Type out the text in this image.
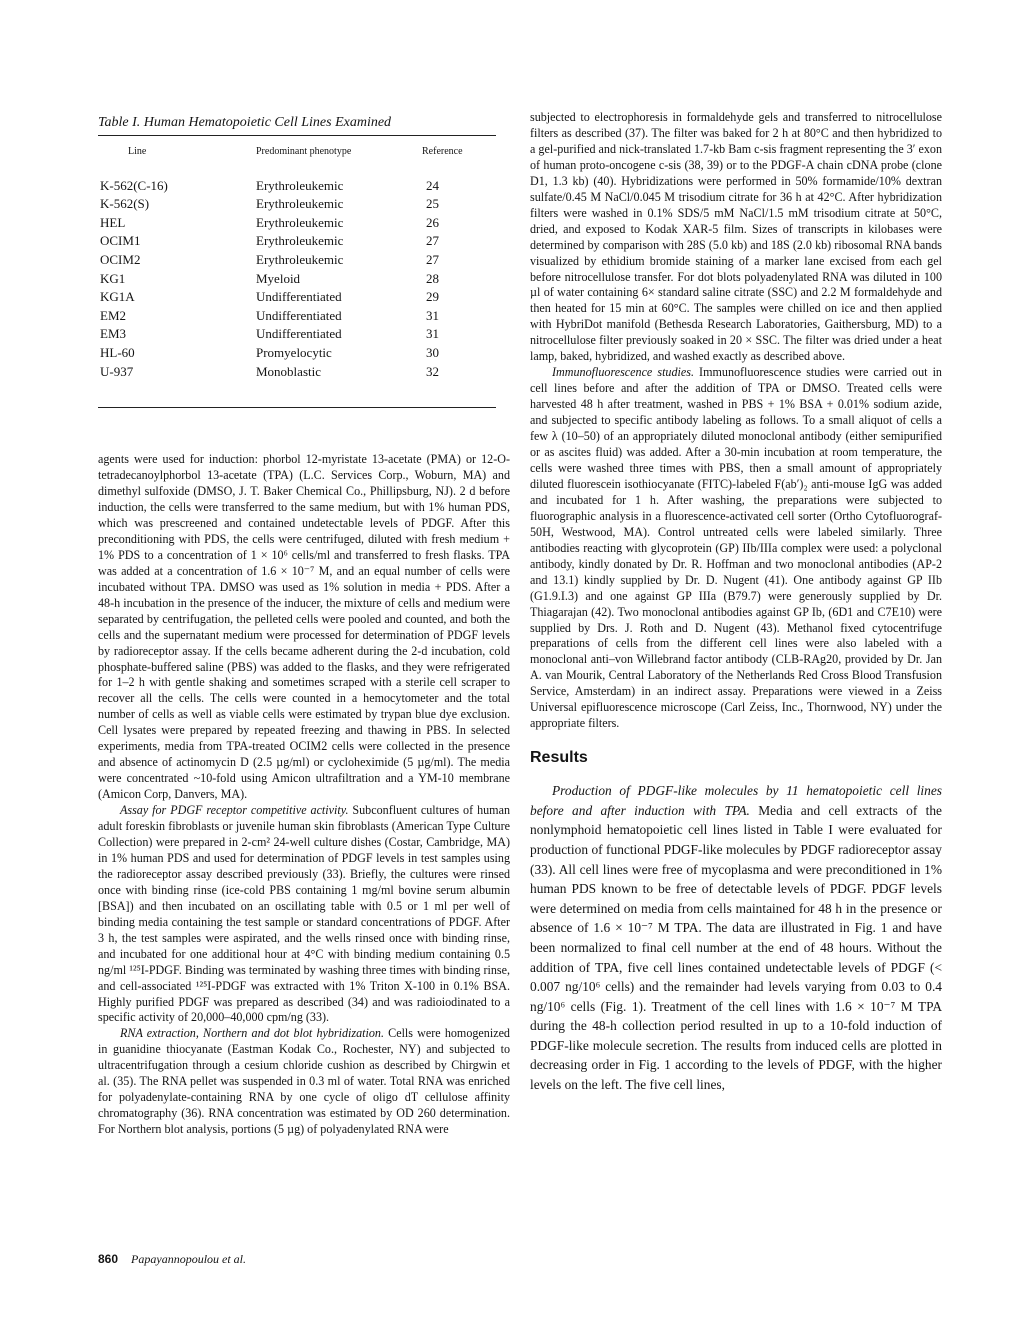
Table I. Human Hematopoietic Cell Lines Examined
Line	Predominant phenotype	Reference

K-562(C-16)	Erythroleukemic	24
K-562(S)	Erythroleukemic	25
HEL	Erythroleukemic	26
OCIM1	Erythroleukemic	27
OCIM2	Erythroleukemic	27
KG1	Myeloid	28
KG1A	Undifferentiated	29
EM2	Undifferentiated	31
EM3	Undifferentiated	31
HL-60	Promyelocytic	30
U-937	Monoblastic	32

agents were used for induction: phorbol 12-myristate 13-acetate (PMA) or 12-O-tetradecanoylphorbol 13-acetate (TPA) (L.C. Services Corp., Woburn, MA) and dimethyl sulfoxide (DMSO, J. T. Baker Chemical Co., Phillipsburg, NJ). 2 d before induction, the cells were transferred to the same medium, but with 1% human PDS, which was prescreened and contained undetectable levels of PDGF. After this preconditioning with PDS, the cells were centrifuged, diluted with fresh medium + 1% PDS to a concentration of 1 × 10⁶ cells/ml and transferred to fresh flasks. TPA was added at a concentration of 1.6 × 10⁻⁷ M, and an equal number of cells were incubated without TPA. DMSO was used as 1% solution in media + PDS. After a 48-h incubation in the presence of the inducer, the mixture of cells and medium were separated by centrifugation, the pelleted cells were pooled and counted, and both the cells and the supernatant medium were processed for determination of PDGF levels by radioreceptor assay. If the cells became adherent during the 2-d incubation, cold phosphate-buffered saline (PBS) was added to the flasks, and they were refrigerated for 1–2 h with gentle shaking and sometimes scraped with a sterile cell scraper to recover all the cells. The cells were counted in a hemocytometer and the total number of cells as well as viable cells were estimated by trypan blue dye exclusion. Cell lysates were prepared by repeated freezing and thawing in PBS. In selected experiments, media from TPA-treated OCIM2 cells were collected in the presence and absence of actinomycin D (2.5 µg/ml) or cycloheximide (5 µg/ml). The media were concentrated ~10-fold using Amicon ultrafiltration and a YM-10 membrane (Amicon Corp, Danvers, MA).

Assay for PDGF receptor competitive activity. Subconfluent cultures of human adult foreskin fibroblasts or juvenile human skin fibroblasts (American Type Culture Collection) were prepared in 2-cm² 24-well culture dishes (Costar, Cambridge, MA) in 1% human PDS and used for determination of PDGF levels in test samples using the radioreceptor assay described previously (33). Briefly, the cultures were rinsed once with binding rinse (ice-cold PBS containing 1 mg/ml bovine serum albumin [BSA]) and then incubated on an oscillating table with 0.5 or 1 ml per well of binding media containing the test sample or standard concentrations of PDGF. After 3 h, the test samples were aspirated, and the wells rinsed once with binding rinse, and incubated for one additional hour at 4°C with binding medium containing 0.5 ng/ml ¹²⁵I-PDGF. Binding was terminated by washing three times with binding rinse, and cell-associated ¹²⁵I-PDGF was extracted with 1% Triton X-100 in 0.1% BSA. Highly purified PDGF was prepared as described (34) and was radioiodinated to a specific activity of 20,000–40,000 cpm/ng (33).

RNA extraction, Northern and dot blot hybridization. Cells were homogenized in guanidine thiocyanate (Eastman Kodak Co., Rochester, NY) and subjected to ultracentrifugation through a cesium chloride cushion as described by Chirgwin et al. (35). The RNA pellet was suspended in 0.3 ml of water. Total RNA was enriched for polyadenylate-containing RNA by one cycle of oligo dT cellulose affinity chromatography (36). RNA concentration was estimated by OD 260 determination. For Northern blot analysis, portions (5 µg) of polyadenylated RNA were

subjected to electrophoresis in formaldehyde gels and transferred to nitrocellulose filters as described (37). The filter was baked for 2 h at 80°C and then hybridized to a gel-purified and nick-translated 1.7-kb Bam c-sis fragment representing the 3′ exon of human proto-oncogene c-sis (38, 39) or to the PDGF-A chain cDNA probe (clone D1, 1.3 kb) (40). Hybridizations were performed in 50% formamide/10% dextran sulfate/0.45 M NaCl/0.045 M trisodium citrate for 36 h at 42°C. After hybridization filters were washed in 0.1% SDS/5 mM NaCl/1.5 mM trisodium citrate at 50°C, dried, and exposed to Kodak XAR-5 film. Sizes of transcripts in kilobases were determined by comparison with 28S (5.0 kb) and 18S (2.0 kb) ribosomal RNA bands visualized by ethidium bromide staining of a marker lane excised from each gel before nitrocellulose transfer. For dot blots polyadenylated RNA was diluted in 100 µl of water containing 6× standard saline citrate (SSC) and 2.2 M formaldehyde and then heated for 15 min at 60°C. The samples were chilled on ice and then applied with HybriDot manifold (Bethesda Research Laboratories, Gaithersburg, MD) to a nitrocellulose filter previously soaked in 20 × SSC. The filter was dried under a heat lamp, baked, hybridized, and washed exactly as described above.

Immunofluorescence studies. Immunofluorescence studies were carried out in cell lines before and after the addition of TPA or DMSO. Treated cells were harvested 48 h after treatment, washed in PBS + 1% BSA + 0.01% sodium azide, and subjected to specific antibody labeling as follows. To a small aliquot of cells a few λ (10–50) of an appropriately diluted monoclonal antibody (either semipurified or as ascites fluid) was added. After a 30-min incubation at room temperature, the cells were washed three times with PBS, then a small amount of appropriately diluted fluorescein isothiocyanate (FITC)-labeled F(ab′)₂ anti-mouse IgG was added and incubated for 1 h. After washing, the preparations were subjected to fluorographic analysis in a fluorescence-activated cell sorter (Ortho Cytofluorograf-50H, Westwood, MA). Control untreated cells were labeled similarly. Three antibodies reacting with glycoprotein (GP) IIb/IIIa complex were used: a polyclonal antibody, kindly donated by Dr. R. Hoffman and two monoclonal antibodies (AP-2 and 13.1) kindly supplied by Dr. D. Nugent (41). One antibody against GP IIb (G1.9.I.3) and one against GP IIIa (B79.7) were generously supplied by Dr. Thiagarajan (42). Two monoclonal antibodies against GP Ib, (6D1 and C7E10) were supplied by Drs. J. Roth and D. Nugent (43). Methanol fixed cytocentrifuge preparations of cells from the different cell lines were also labeled with a monoclonal anti–von Willebrand factor antibody (CLB-RAg20, provided by Dr. Jan A. van Mourik, Central Laboratory of the Netherlands Red Cross Blood Transfusion Service, Amsterdam) in an indirect assay. Preparations were viewed in a Zeiss Universal epifluorescence microscope (Carl Zeiss, Inc., Thornwood, NY) under the appropriate filters.

Results

Production of PDGF-like molecules by 11 hematopoietic cell lines before and after induction with TPA. Media and cell extracts of the nonlymphoid hematopoietic cell lines listed in Table I were evaluated for production of functional PDGF-like molecules by PDGF radioreceptor assay (33). All cell lines were free of mycoplasma and were preconditioned in 1% human PDS known to be free of detectable levels of PDGF. PDGF levels were determined on media from cells maintained for 48 h in the presence or absence of 1.6 × 10⁻⁷ M TPA. The data are illustrated in Fig. 1 and have been normalized to final cell number at the end of 48 hours. Without the addition of TPA, five cell lines contained undetectable levels of PDGF (< 0.007 ng/10⁶ cells) and the remainder had levels varying from 0.03 to 0.4 ng/10⁶ cells (Fig. 1). Treatment of the cell lines with 1.6 × 10⁻⁷ M TPA during the 48-h collection period resulted in up to a 10-fold induction of PDGF-like molecule secretion. The results from induced cells are plotted in decreasing order in Fig. 1 according to the levels of PDGF, with the higher levels on the left. The five cell lines,

860 Papayannopoulou et al.
